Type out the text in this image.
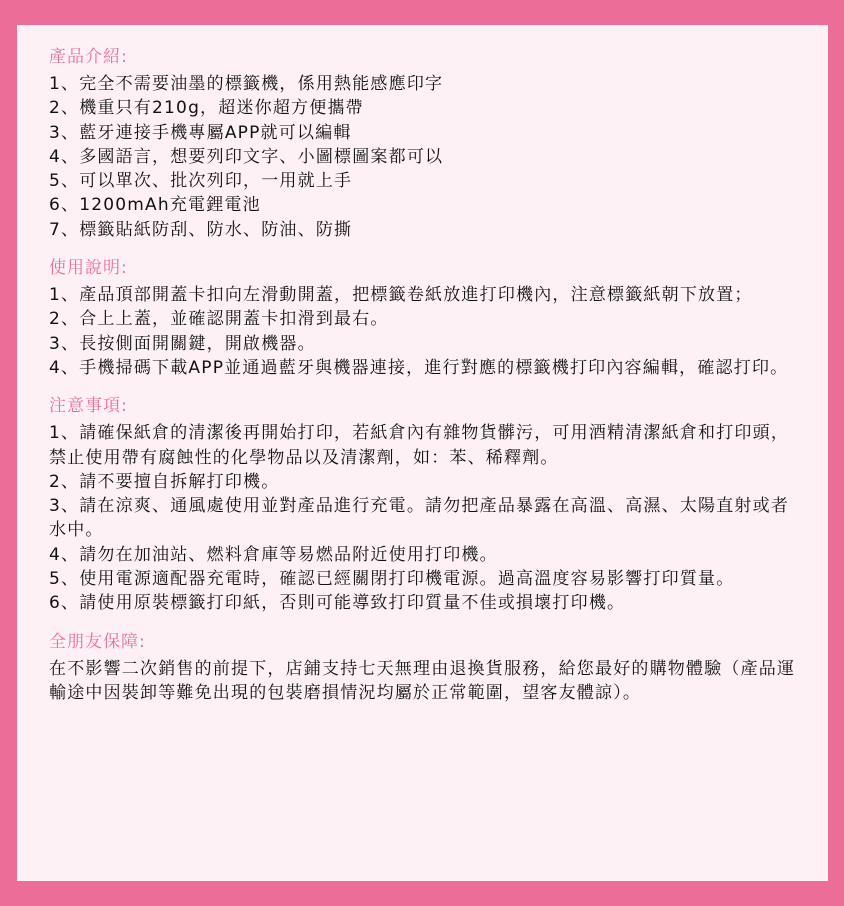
產品介紹:

1、完全不需要油墨的標籤機，係用熱能感應印字

2、機重只有210g，超迷你超方便攜帶

3、藍牙連接手機專屬APP就可以編輯

4、多國語言，想要列印文字、小圖標圖案都可以

5、可以單次、批次列印，一用就上手

6、1200mAh充電鋰電池

7、標籤貼紙防刮、防水、防油、防撕

使用說明:

1、產品頂部開蓋卡扣向左滑動開蓋，把標籤卷紙放進打印機內，注意標籤紙朝下放置；

2、合上上蓋，並確認開蓋卡扣滑到最右。

3、長按側面開關鍵，開啟機器。

4、手機掃碼下載APP並通過藍牙與機器連接，進行對應的標籤機打印內容編輯，確認打印。

注意事項:

1、請確保紙倉的清潔後再開始打印，若紙倉內有雜物貨髒污，可用酒精清潔紙倉和打印頭，禁止使用帶有腐蝕性的化學物品以及清潔劑，如：苯、稀釋劑。

2、請不要擅自拆解打印機。

3、請在涼爽、通風處使用並對產品進行充電。請勿把產品暴露在高溫、高濕、太陽直射或者水中。

4、請勿在加油站、燃料倉庫等易燃品附近使用打印機。

5、使用電源適配器充電時，確認已經關閉打印機電源。過高溫度容易影響打印質量。

6、請使用原裝標籤打印紙，否則可能導致打印質量不佳或損壞打印機。

全朋友保障:

在不影響二次銷售的前提下，店鋪支持七天無理由退換貨服務，給您最好的購物體驗（產品運輸途中因裝卸等難免出現的包裝磨損情況均屬於正常範圍，望客友體諒）。
